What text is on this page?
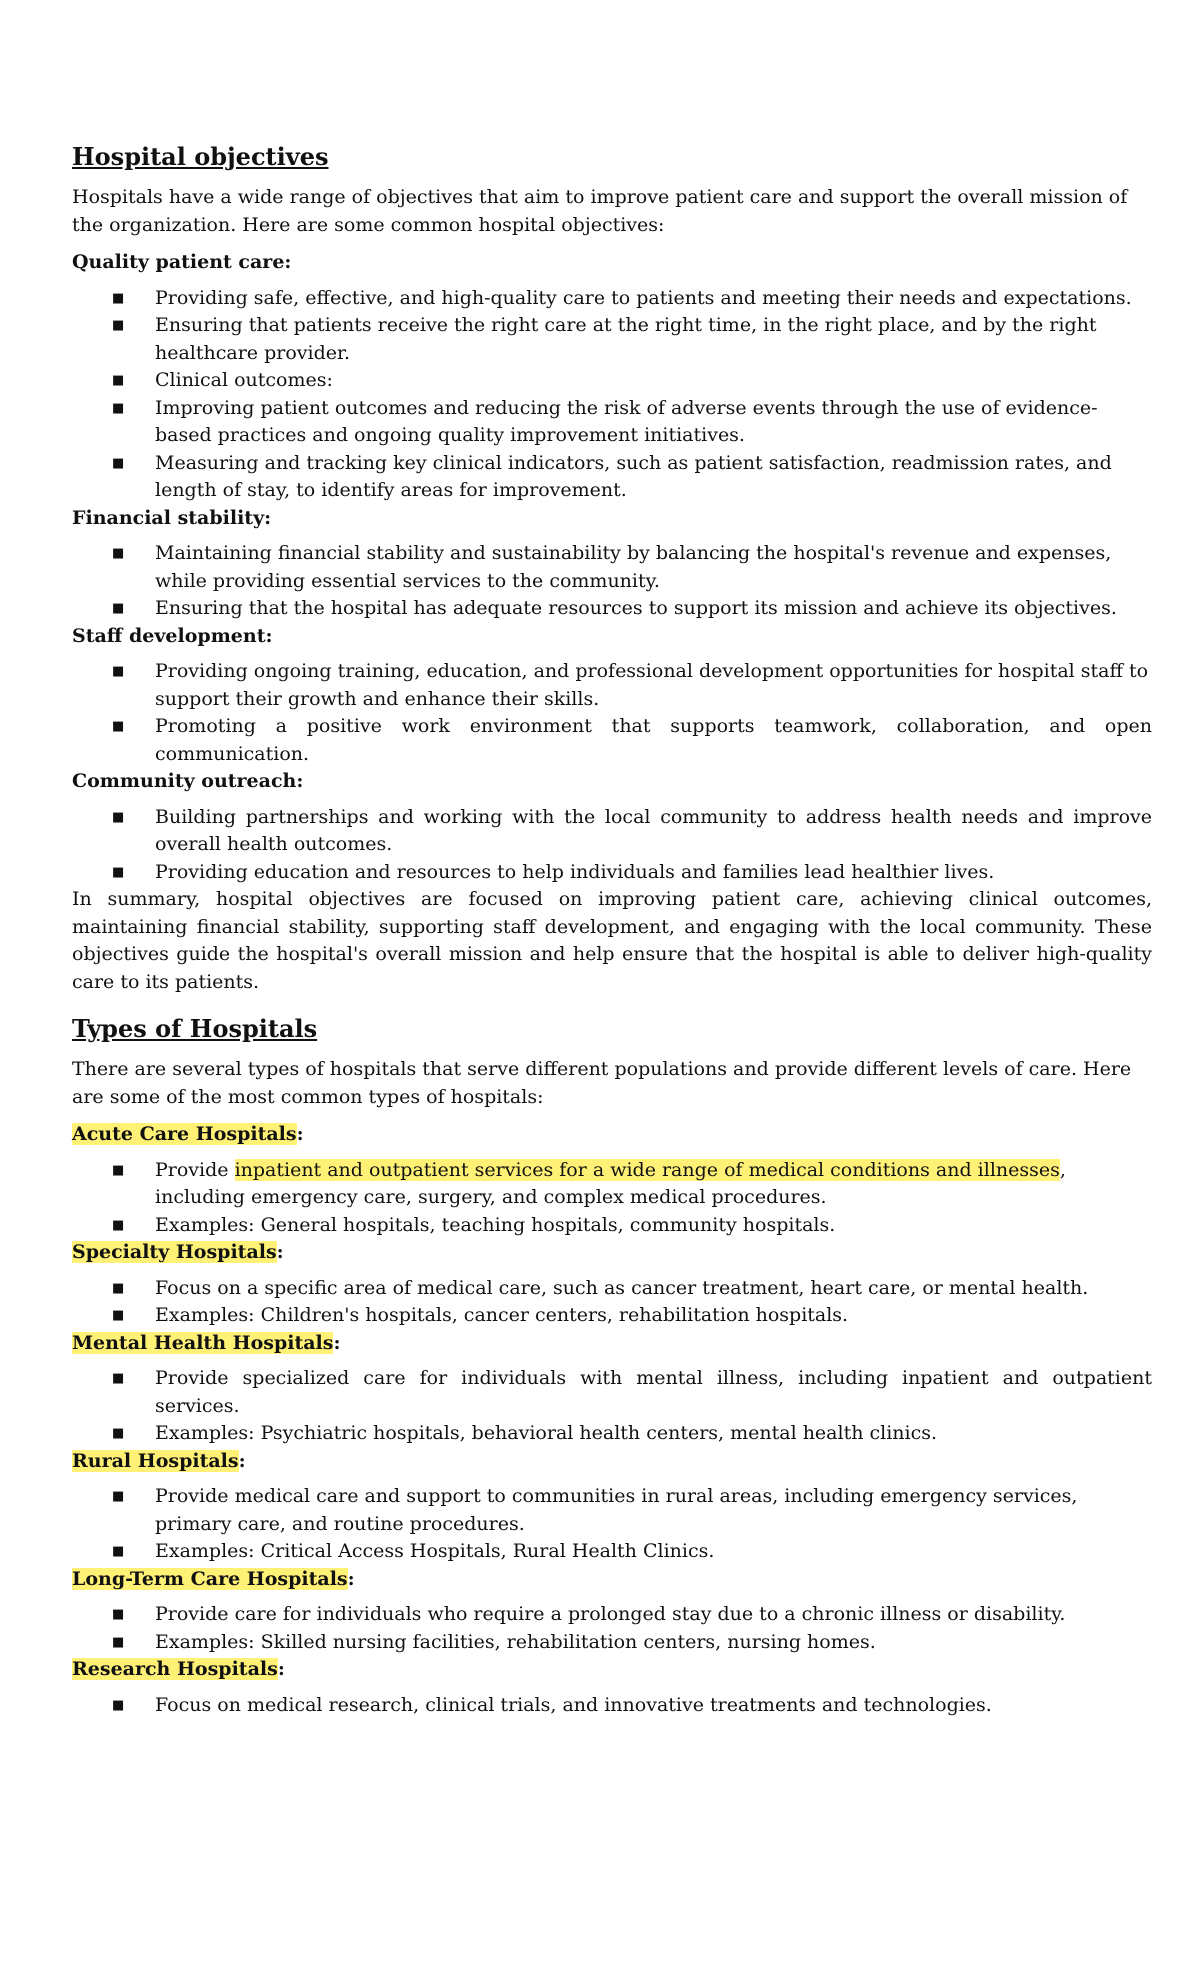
Hospital objectives

Hospitals have a wide range of objectives that aim to improve patient care and support the overall mission of the organization. Here are some common hospital objectives:

Quality patient care:
■ Providing safe, effective, and high-quality care to patients and meeting their needs and expectations.
■ Ensuring that patients receive the right care at the right time, in the right place, and by the right healthcare provider.
■ Clinical outcomes:
■ Improving patient outcomes and reducing the risk of adverse events through the use of evidence-based practices and ongoing quality improvement initiatives.
■ Measuring and tracking key clinical indicators, such as patient satisfaction, readmission rates, and length of stay, to identify areas for improvement.
Financial stability:
■ Maintaining financial stability and sustainability by balancing the hospital's revenue and expenses, while providing essential services to the community.
■ Ensuring that the hospital has adequate resources to support its mission and achieve its objectives.
Staff development:
■ Providing ongoing training, education, and professional development opportunities for hospital staff to support their growth and enhance their skills.
■ Promoting a positive work environment that supports teamwork, collaboration, and open communication.
Community outreach:
■ Building partnerships and working with the local community to address health needs and improve overall health outcomes.
■ Providing education and resources to help individuals and families lead healthier lives.

In summary, hospital objectives are focused on improving patient care, achieving clinical outcomes, maintaining financial stability, supporting staff development, and engaging with the local community. These objectives guide the hospital's overall mission and help ensure that the hospital is able to deliver high-quality care to its patients.

Types of Hospitals

There are several types of hospitals that serve different populations and provide different levels of care. Here are some of the most common types of hospitals:

Acute Care Hospitals:
■ Provide inpatient and outpatient services for a wide range of medical conditions and illnesses, including emergency care, surgery, and complex medical procedures.
■ Examples: General hospitals, teaching hospitals, community hospitals.
Specialty Hospitals:
■ Focus on a specific area of medical care, such as cancer treatment, heart care, or mental health.
■ Examples: Children's hospitals, cancer centers, rehabilitation hospitals.
Mental Health Hospitals:
■ Provide specialized care for individuals with mental illness, including inpatient and outpatient services.
■ Examples: Psychiatric hospitals, behavioral health centers, mental health clinics.
Rural Hospitals:
■ Provide medical care and support to communities in rural areas, including emergency services, primary care, and routine procedures.
■ Examples: Critical Access Hospitals, Rural Health Clinics.
Long-Term Care Hospitals:
■ Provide care for individuals who require a prolonged stay due to a chronic illness or disability.
■ Examples: Skilled nursing facilities, rehabilitation centers, nursing homes.
Research Hospitals:
■ Focus on medical research, clinical trials, and innovative treatments and technologies.
